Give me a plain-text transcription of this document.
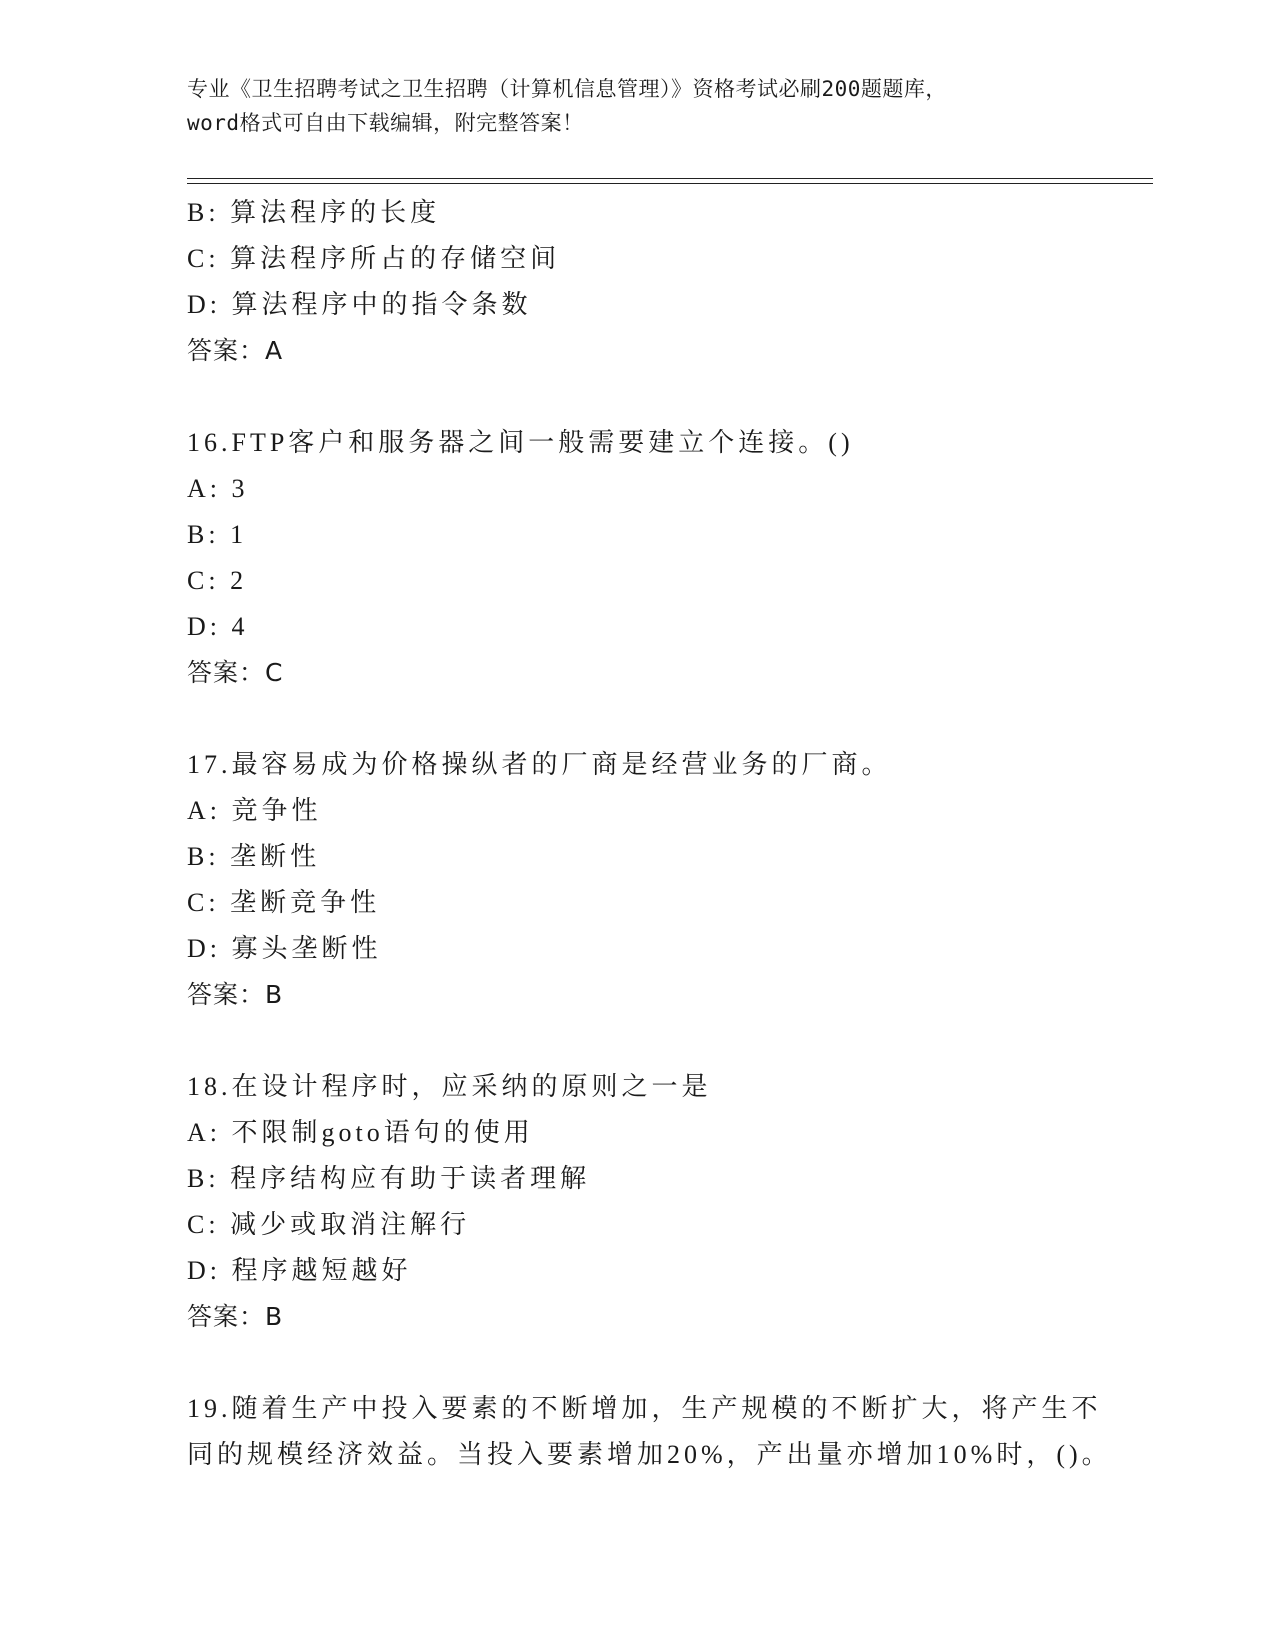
专业《卫生招聘考试之卫生招聘（计算机信息管理）》资格考试必刷200题题库，
word格式可自由下载编辑，附完整答案！
B: 算法程序的长度
C: 算法程序所占的存储空间
D: 算法程序中的指令条数
答案：A
16.FTP客户和服务器之间一般需要建立个连接。()
A: 3
B: 1
C: 2
D: 4
答案：C
17.最容易成为价格操纵者的厂商是经营业务的厂商。
A: 竞争性
B: 垄断性
C: 垄断竞争性
D: 寡头垄断性
答案：B
18.在设计程序时，应采纳的原则之一是
A: 不限制goto语句的使用
B: 程序结构应有助于读者理解
C: 减少或取消注解行
D: 程序越短越好
答案：B
19.随着生产中投入要素的不断增加，生产规模的不断扩大，将产生不
同的规模经济效益。当投入要素增加20%，产出量亦增加10%时，()。
